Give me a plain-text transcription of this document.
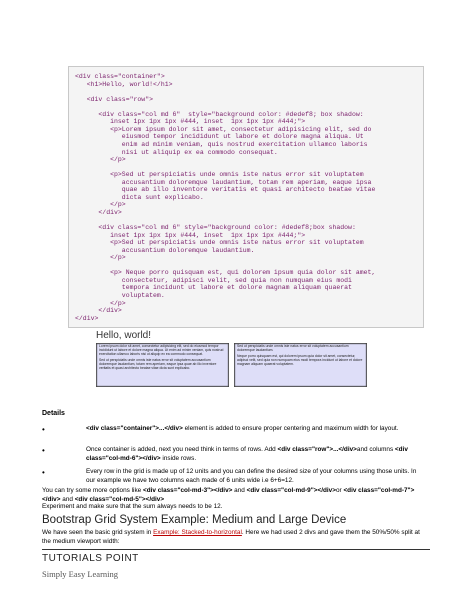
<div class="container">
<h1>Hello, world!</h1>
<div class="row">
<div class="col md 6"  style="background color: #dedef8; box shadow:
inset 1px 1px 1px #444, inset  1px 1px 1px #444;">
<p>Lorem ipsum dolor sit amet, consectetur adipisicing elit, sed do
eiusmod tempor incididunt ut labore et dolore magna aliqua. Ut
enim ad minim veniam, quis nostrud exercitation ullamco laboris
nisi ut aliquip ex ea commodo consequat.
</p>
<p>Sed ut perspiciatis unde omnis iste natus error sit voluptatem
accusantium doloremque laudantium, totam rem aperiam, eaque ipsa
quae ab illo inventore veritatis et quasi architecto beatae vitae
dicta sunt explicabo.
</p>
</div>
<div class="col md 6" style="background color: #dedef8;box shadow:
inset 1px 1px 1px #444, inset  1px 1px 1px #444;">
<p>Sed ut perspiciatis unde omnis iste natus error sit voluptatem
accusantium doloremque laudantium.
</p>
<p> Neque porro quisquam est, qui dolorem ipsum quia dolor sit amet,
consectetur, adipisci velit, sed quia non numquam eius modi
tempora incidunt ut labore et dolore magnam aliquam quaerat
voluptatem.
</p>
</div>
</div>
Hello, world!

Lorem ipsum dolor sit amet, consectetur adipisicing elit, sed do eiusmod tempor incididunt ut labore et dolore magna aliqua. Ut enim ad minim veniam, quis nostrud exercitation ullamco laboris nisi ut aliquip ex ea commodo consequat.

Sed ut perspiciatis unde omnis iste natus error sit voluptatem accusantium doloremque laudantium, totam rem aperiam, eaque ipsa quae ab illo inventore veritatis et quasi architecto beatae vitae dicta sunt explicabo.

Sed ut perspiciatis unde omnis iste natus error sit voluptatem accusantium doloremque laudantium.

Neque porro quisquam est, qui dolorem ipsum quia dolor sit amet, consectetur, adipisci velit, sed quia non numquam eius modi tempora incidunt ut labore et dolore magnam aliquam quaerat voluptatem.

Details
•	<div class="container">...</div> element is added to ensure proper centering and maximum width for layout.
•	Once container is added, next you need think in terms of rows. Add <div class="row">...</div>and columns <div class="col-md-6"></div> inside rows.
•	Every row in the grid is made up of 12 units and you can define the desired size of your columns using those units. In our example we have two columns each made of 6 units wide i.e 6+6=12.
You can try some more options like <div class="col-md-3"></div> and <div class="col-md-9"></div>or <div class="col-md-7"></div> and <div class="col-md-5"></div>
Experiment and make sure that the sum always needs to be 12.
Bootstrap Grid System Example: Medium and Large Device
We have seen the basic grid system in Example: Stacked-to-horizontal. Here we had used 2 divs and gave them the 50%/50% split at the medium viewport width:
TUTORIALS POINT
Simply Easy Learning
